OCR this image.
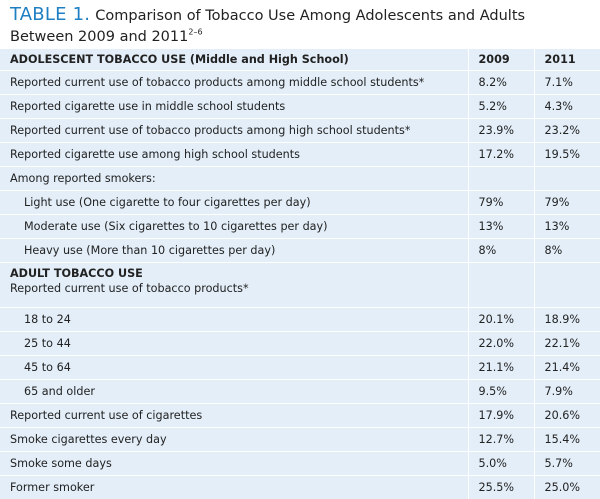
TABLE 1. Comparison of Tobacco Use Among Adolescents and Adults Between 2009 and 2011$^{2-6}$
ADOLESCENT TOBACCO USE (Middle and High School)	2009	2011
Reported current use of tobacco products among middle school students*	8.2%	7.1%
Reported cigarette use in middle school students	5.2%	4.3%
Reported current use of tobacco products among high school students*	23.9%	23.2%
Reported cigarette use among high school students	17.2%	19.5%
Among reported smokers:		
Light use (One cigarette to four cigarettes per day)	79%	79%
Moderate use (Six cigarettes to 10 cigarettes per day)	13%	13%
Heavy use (More than 10 cigarettes per day)	8%	8%

ADULT TOBACCO USE
Reported current use of tobacco products*		

18 to 24	20.1%	18.9%
25 to 44	22.0%	22.1%
45 to 64	21.1%	21.4%
65 and older	9.5%	7.9%
Reported current use of cigarettes	17.9%	20.6%
Smoke cigarettes every day	12.7%	15.4%
Smoke some days	5.0%	5.7%
Former smoker	25.5%	25.0%
